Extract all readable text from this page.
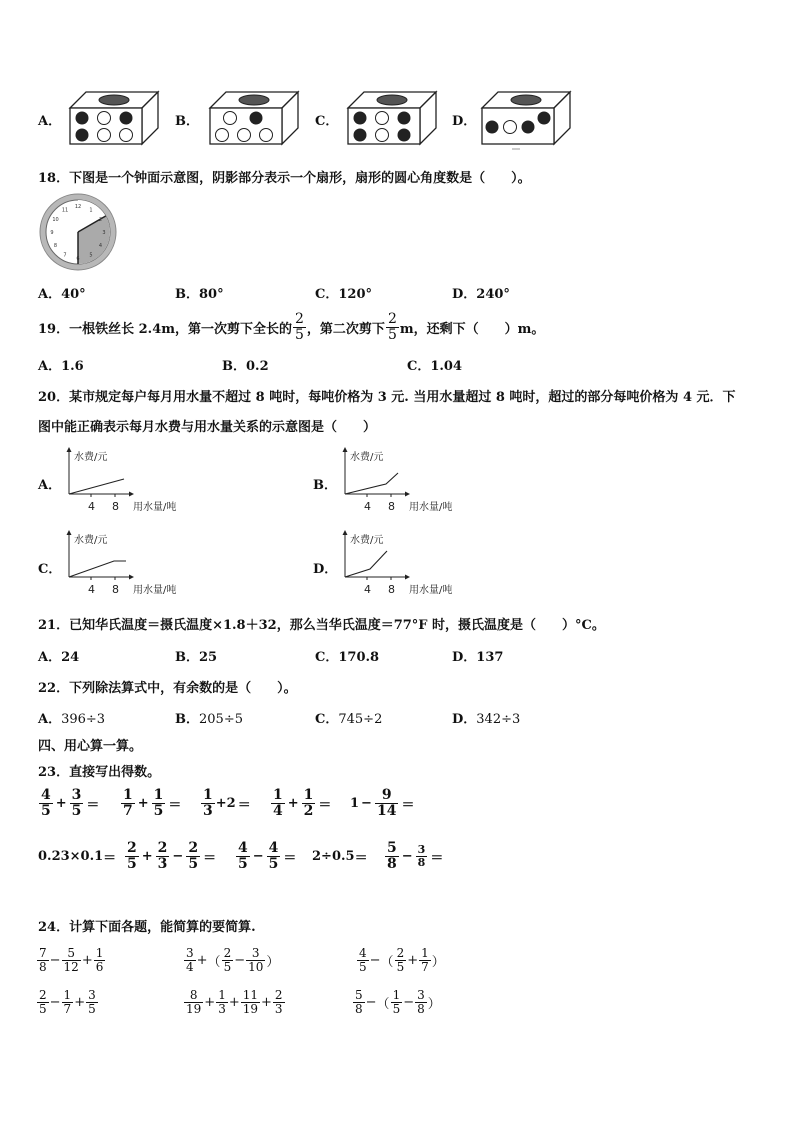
A．	B．	C．	D．
18．下图是一个钟面示意图，阴影部分表示一个扇形，扇形的圆心角度数是（　　）。
12
1
2
3
4
5
6
7
8
9
10
11
A．40°	B．80°	C．120°	D．240°
19．一根铁丝长 2.4m，第一次剪下全长的 $\frac{2}{5}$ ，第二次剪下 $\frac{2}{5}$ m，还剩下（　　）m。
A．1.6	B．0.2	C．1.04
20．某市规定每户每月用水量不超过 8 吨时，每吨价格为 3 元. 当用水量超过 8 吨时，超过的部分每吨价格为 4 元．下
图中能正确表示每月水费与用水量关系的示意图是（　　）
A．
水费/元
用水量/吨
4 8
B．
水费/元
用水量/吨
4 8
C．
水费/元
用水量/吨
4 8
D．
水费/元
用水量/吨
4 8
21．已知华氏温度＝摄氏温度×1.8＋32，那么当华氏温度＝77°F 时，摄氏温度是（　　）°C。
A．24	B．25	C．170.8	D．137
22．下列除法算式中，有余数的是（　　）。
A．396÷3	B．205÷5	C．745÷2	D．342÷3
四、用心算一算。
23．直接写出得数。
$\frac{4}{5} + \frac{3}{5} = \frac{1}{7} + \frac{1}{5} = \frac{1}{3} +2 = \frac{1}{4} + \frac{1}{2} = 1 - \frac{9}{14}$ ＝
$0.23\times 0.1 = \frac{2}{5} + \frac{2}{3} - \frac{2}{5} = \frac{4}{5} - \frac{4}{5} = 2\div 0.5 = \frac{5}{8} - \frac{3}{8}$ ＝
24．计算下面各题，能简算的要简算.
$\frac{7}{8} - \frac{5}{12} + \frac{1}{6}$	$\frac{3}{4}$ + （ $\frac{2}{5} - \frac{3}{10}$ ）	$\frac{4}{5}$ − （ $\frac{2}{5} + \frac{1}{7}$ ）
$\frac{2}{5} - \frac{1}{7} + \frac{3}{5}$	$\frac{8}{19} + \frac{1}{3} + \frac{11}{19} + \frac{2}{3}$	$\frac{5}{8}$ − （ $\frac{1}{5} - \frac{3}{8}$ ）
